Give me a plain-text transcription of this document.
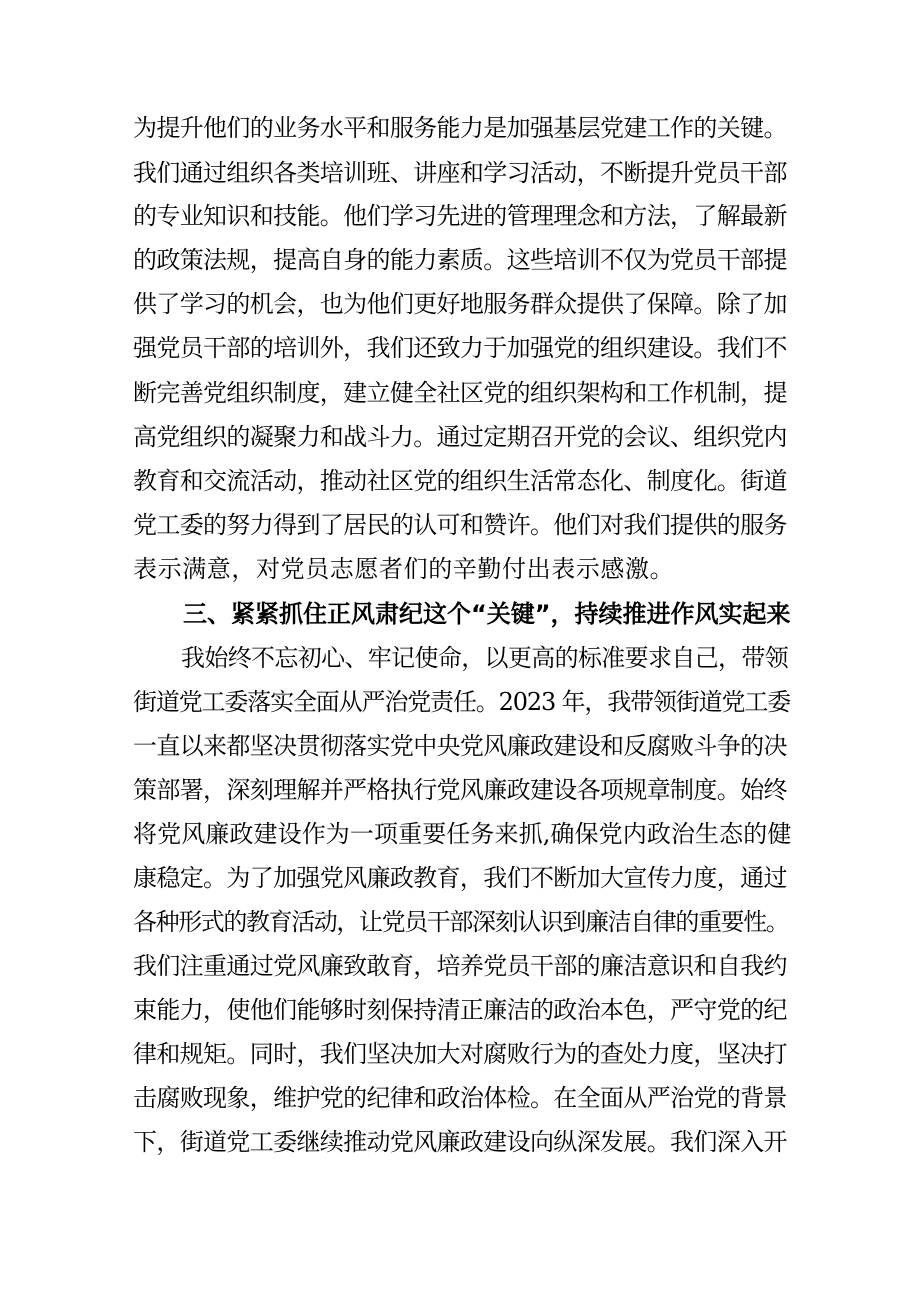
为提升他们的业务水平和服务能力是加强基层党建工作的关键。
我们通过组织各类培训班、讲座和学习活动，不断提升党员干部
的专业知识和技能。他们学习先进的管理理念和方法，了解最新
的政策法规，提高自身的能力素质。这些培训不仅为党员干部提
供了学习的机会，也为他们更好地服务群众提供了保障。除了加
强党员干部的培训外，我们还致力于加强党的组织建设。我们不
断完善党组织制度，建立健全社区党的组织架构和工作机制，提
高党组织的凝聚力和战斗力。通过定期召开党的会议、组织党内
教育和交流活动，推动社区党的组织生活常态化、制度化。街道
党工委的努力得到了居民的认可和赞许。他们对我们提供的服务
表示满意，对党员志愿者们的辛勤付出表示感激。
三、紧紧抓住正风肃纪这个“关键”，持续推进作风实起来
我始终不忘初心、牢记使命，以更高的标准要求自己，带领
街道党工委落实全面从严治党责任。2023 年，我带领街道党工委
一直以来都坚决贯彻落实党中央党风廉政建设和反腐败斗争的决
策部署，深刻理解并严格执行党风廉政建设各项规章制度。始终
将党风廉政建设作为一项重要任务来抓,确保党内政治生态的健
康稳定。为了加强党风廉政教育，我们不断加大宣传力度，通过
各种形式的教育活动，让党员干部深刻认识到廉洁自律的重要性。
我们注重通过党风廉致敢育，培养党员干部的廉洁意识和自我约
束能力，使他们能够时刻保持清正廉洁的政治本色，严守党的纪
律和规矩。同时，我们坚决加大对腐败行为的查处力度，坚决打
击腐败现象，维护党的纪律和政治体检。在全面从严治党的背景
下，街道党工委继续推动党风廉政建设向纵深发展。我们深入开
